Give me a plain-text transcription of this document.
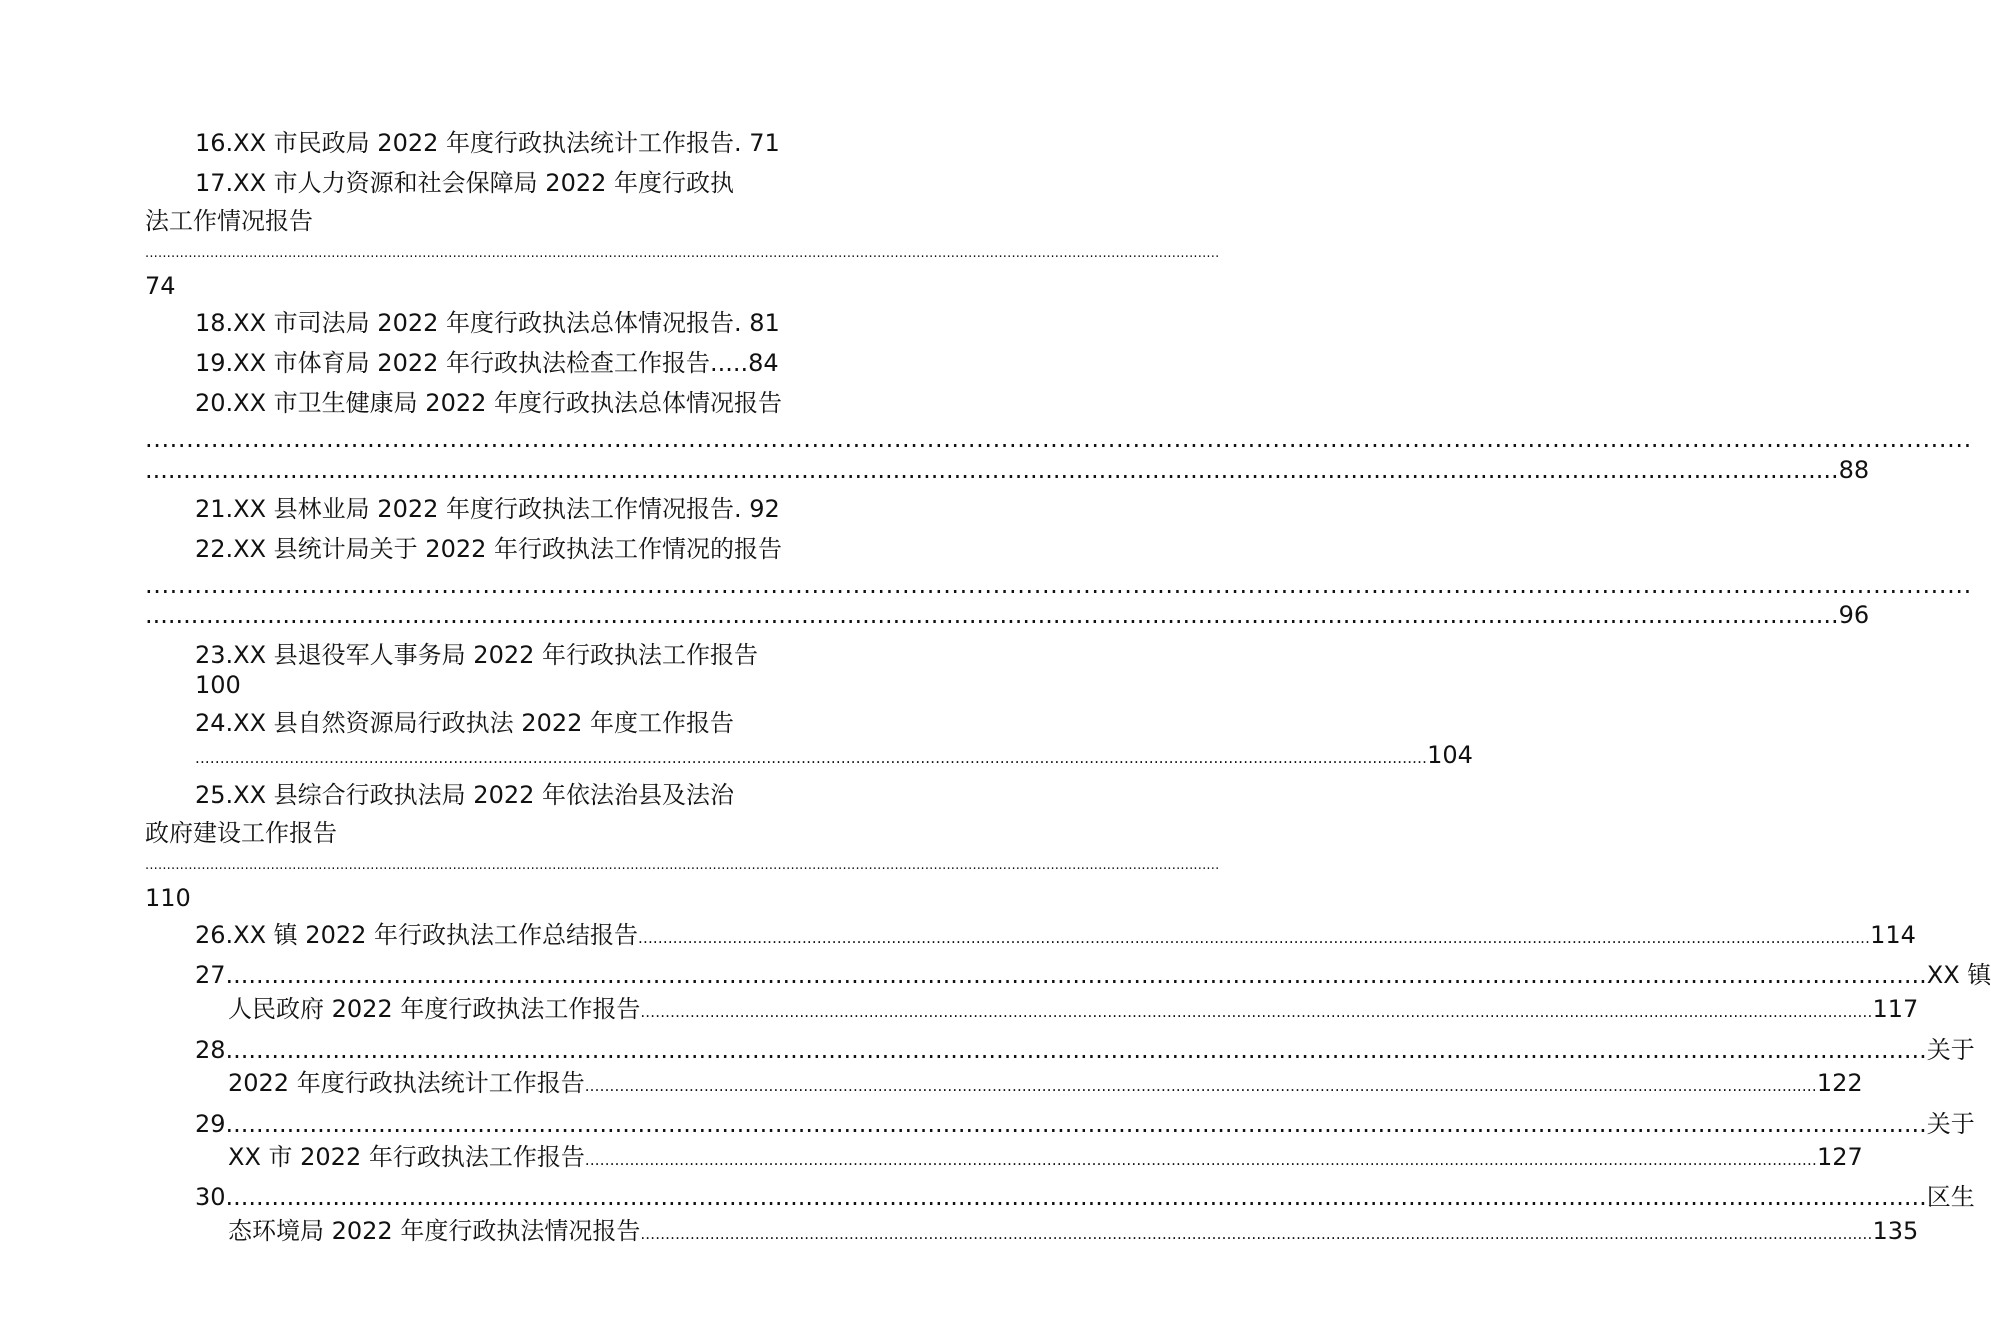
16.XX 市民政局 2022 年度行政执法统计工作报告. 71
17.XX 市人力资源和社会保障局 2022 年度行政执
法工作情况报告
........................................................................................................................................................................................................................................................
74
18.XX 市司法局 2022 年度行政执法总体情况报告. 81
19.XX 市体育局 2022 年行政执法检查工作报告.....84
20.XX 市卫生健康局 2022 年度行政执法总体情况报告
..............................................................................................................................................................................................................................
.............................................................................................................................................................................................................................. 88
21.XX 县林业局 2022 年度行政执法工作情况报告. 92
22.XX 县统计局关于 2022 年行政执法工作情况的报告
..............................................................................................................................................................................................................................
.............................................................................................................................................................................................................................. 96
23.XX 县退役军人事务局 2022 年行政执法工作报告
100
24.XX 县自然资源局行政执法 2022 年度工作报告
........................................................................................................................................................................................................................................................ 104
25.XX 县综合行政执法局 2022 年依法治县及法治
政府建设工作报告
........................................................................................................................................................................................................................................................
110
26.XX 镇 2022 年行政执法工作总结报告 ........................................................................................................................................................................................................................................................ 114
27. .............................................................................................................................................................................................................................. XX 镇
人民政府 2022 年度行政执法工作报告 ........................................................................................................................................................................................................................................................ 117
28. .............................................................................................................................................................................................................................. 关于
2022 年度行政执法统计工作报告 ........................................................................................................................................................................................................................................................ 122
29. .............................................................................................................................................................................................................................. 关于
XX 市 2022 年行政执法工作报告 ........................................................................................................................................................................................................................................................ 127
30. .............................................................................................................................................................................................................................. 区生
态环境局 2022 年度行政执法情况报告 ........................................................................................................................................................................................................................................................ 135
